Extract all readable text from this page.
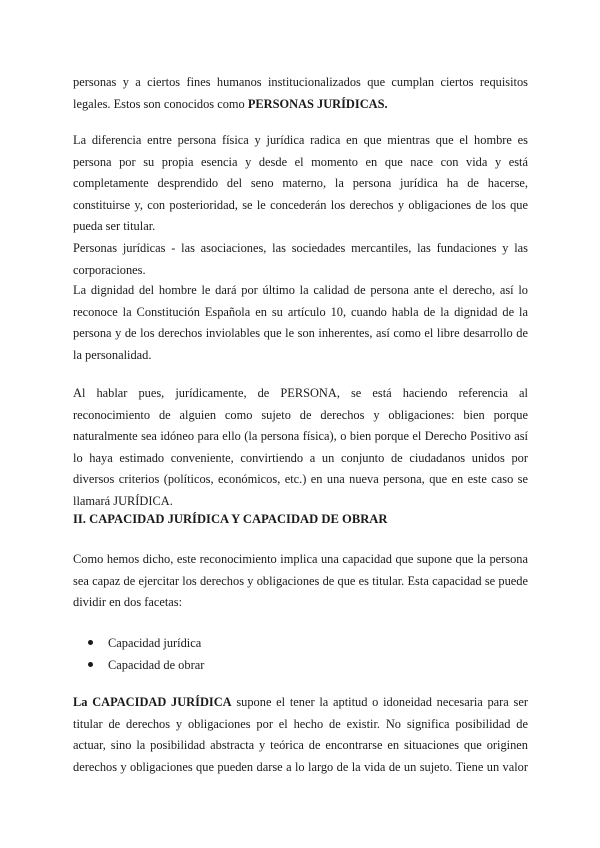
personas y a ciertos fines humanos institucionalizados que cumplan ciertos requisitos legales. Estos son conocidos como PERSONAS JURÍDICAS.

La diferencia entre persona física y jurídica radica en que mientras que el hombre es persona por su propia esencia y desde el momento en que nace con vida y está completamente desprendido del seno materno, la persona jurídica ha de hacerse, constituirse y, con posterioridad, se le concederán los derechos y obligaciones de los que pueda ser titular.

Personas jurídicas - las asociaciones, las sociedades mercantiles, las fundaciones y las corporaciones.

La dignidad del hombre le dará por último la calidad de persona ante el derecho, así lo reconoce la Constitución Española en su artículo 10, cuando habla de la dignidad de la persona y de los derechos inviolables que le son inherentes, así como el libre desarrollo de la personalidad.

Al hablar pues, jurídicamente, de PERSONA, se está haciendo referencia al reconocimiento de alguien como sujeto de derechos y obligaciones: bien porque naturalmente sea idóneo para ello (la persona física), o bien porque el Derecho Positivo así lo haya estimado conveniente, convirtiendo a un conjunto de ciudadanos unidos por diversos criterios (políticos, económicos, etc.) en una nueva persona, que en este caso se llamará JURÍDICA.

II. CAPACIDAD JURÍDICA Y CAPACIDAD DE OBRAR

Como hemos dicho, este reconocimiento implica una capacidad que supone que la persona sea capaz de ejercitar los derechos y obligaciones de que es titular. Esta capacidad se puede dividir en dos facetas:

Capacidad jurídica
Capacidad de obrar

La CAPACIDAD JURÍDICA supone el tener la aptitud o idoneidad necesaria para ser titular de derechos y obligaciones por el hecho de existir. No significa posibilidad de actuar, sino la posibilidad abstracta y teórica de encontrarse en situaciones que originen derechos y obligaciones que pueden darse a lo largo de la vida de un sujeto. Tiene un valor
